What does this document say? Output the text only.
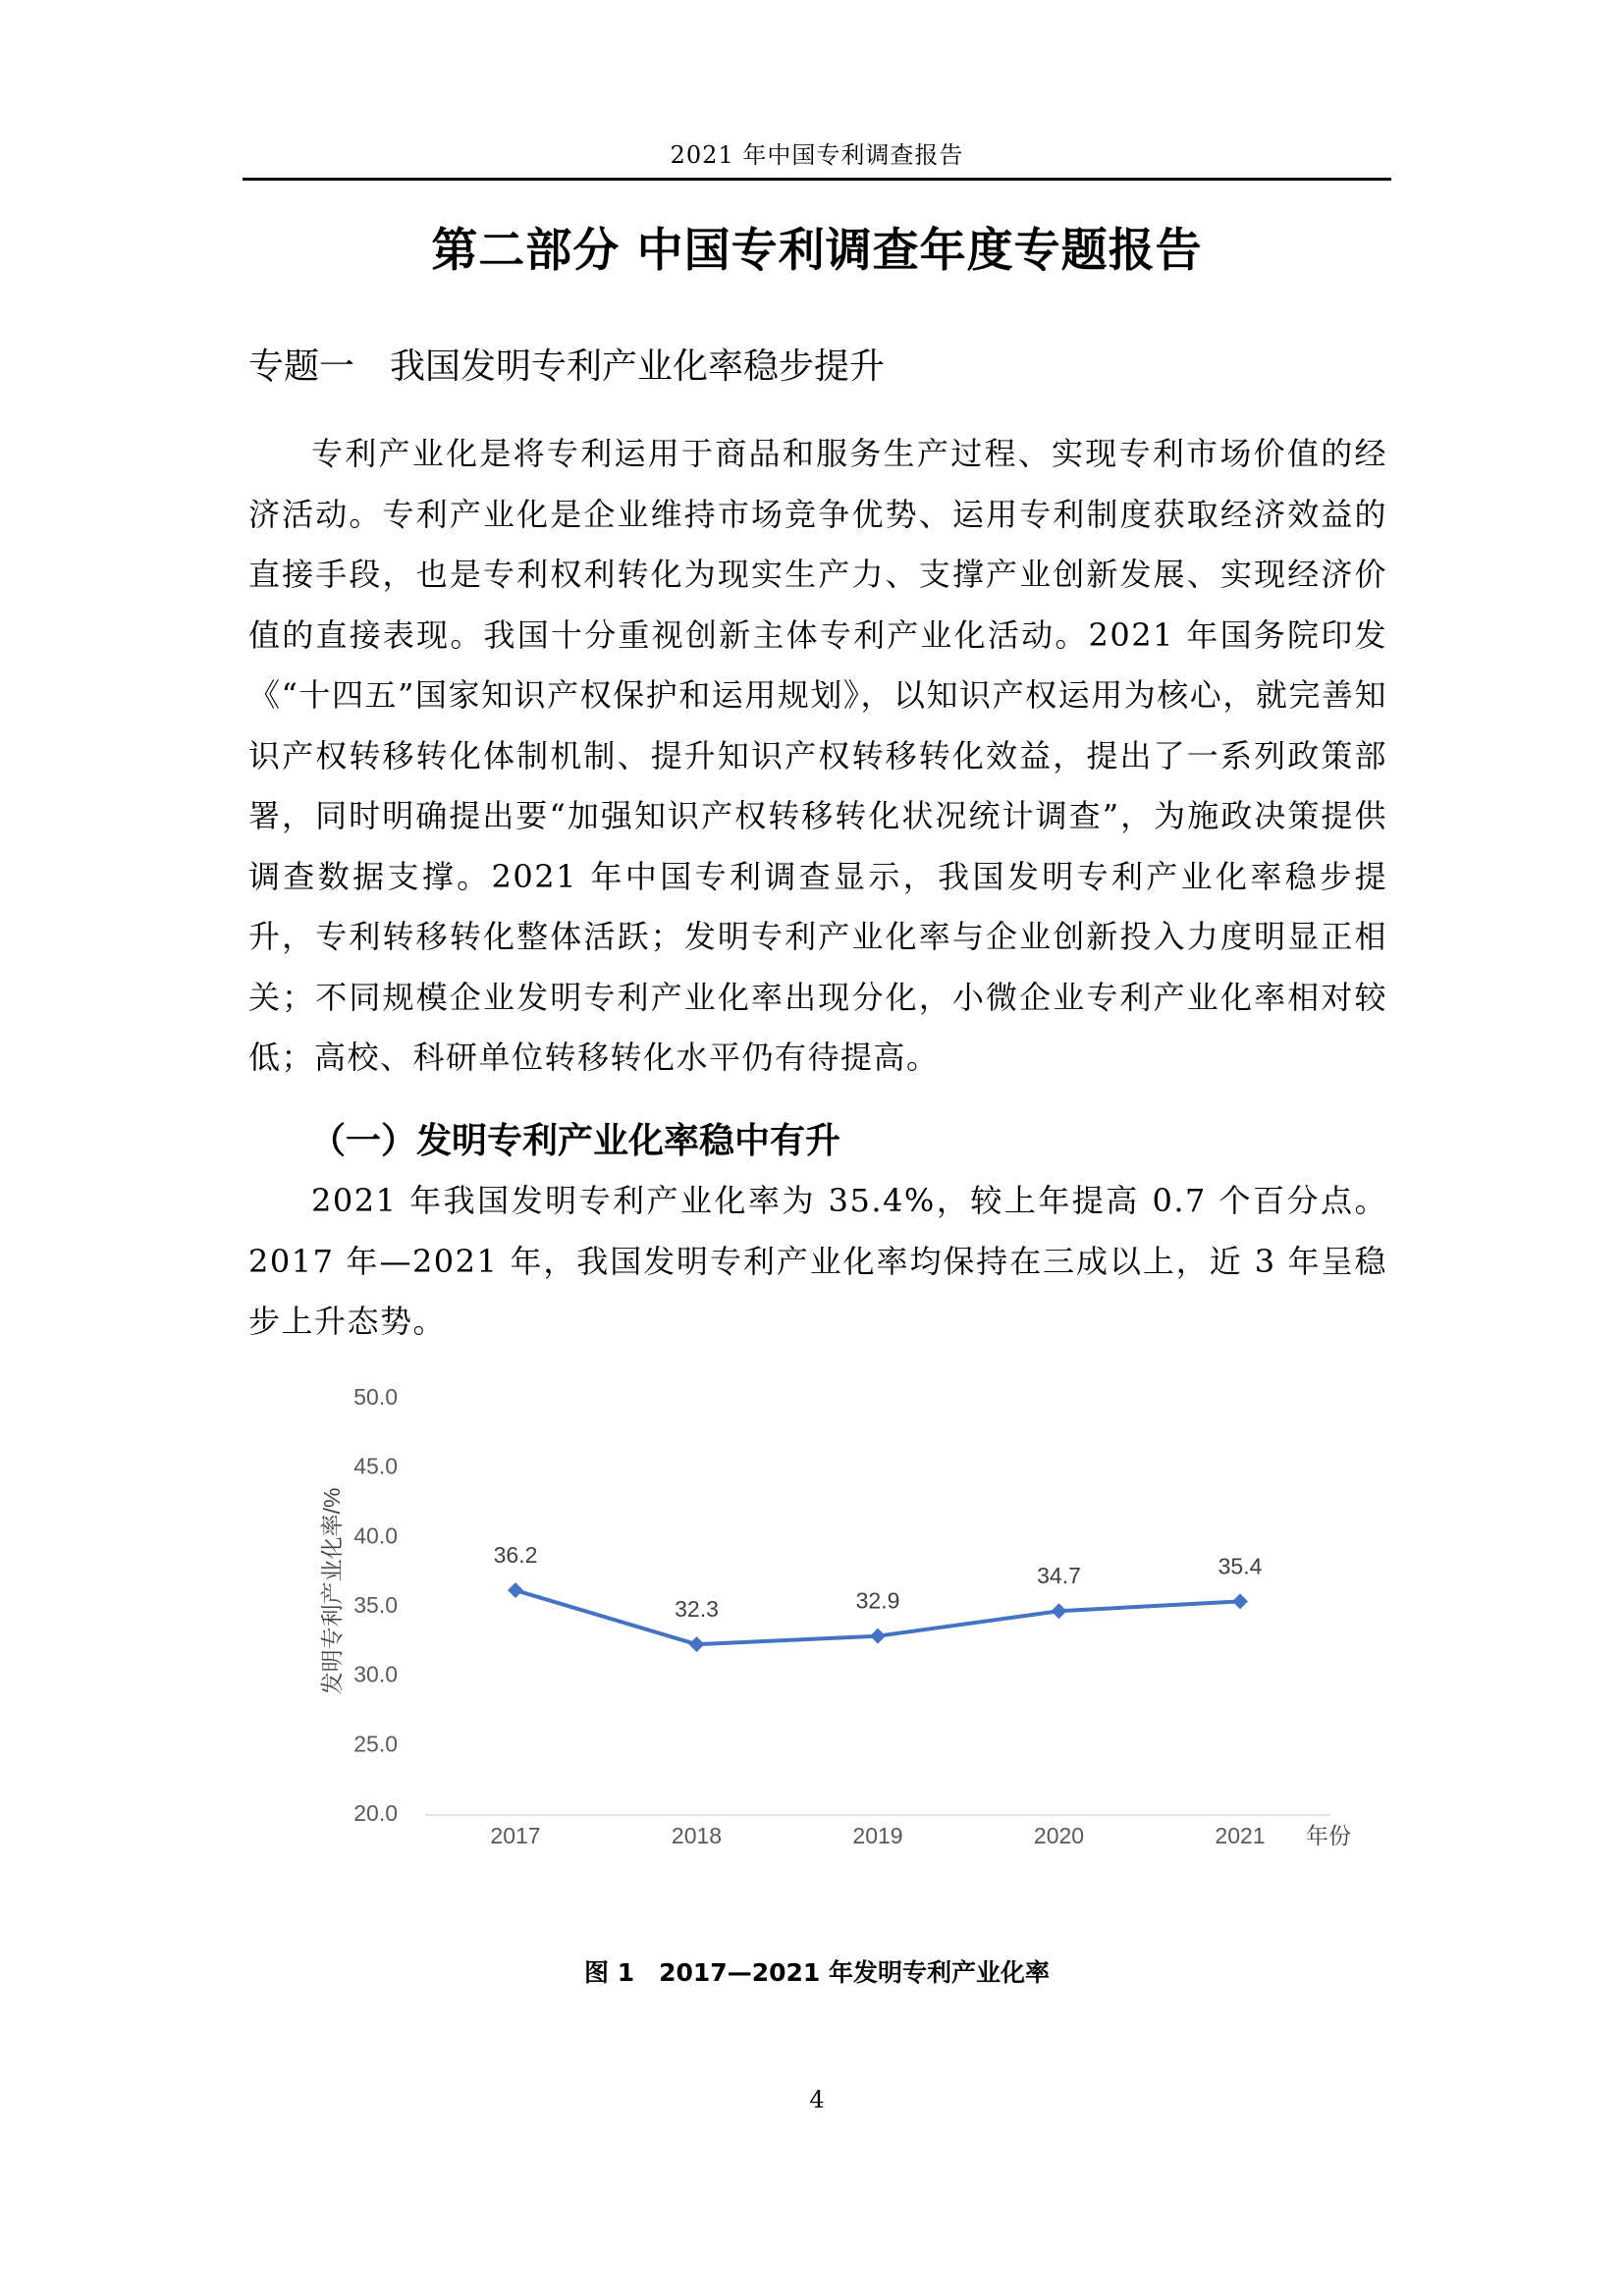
2021 年中国专利调查报告
第二部分 中国专利调查年度专题报告
专题一　我国发明专利产业化率稳步提升

专利产业化是将专利运用于商品和服务生产过程、实现专利市场价值的经济活动。专利产业化是企业维持市场竞争优势、运用专利制度获取经济效益的直接手段，也是专利权利转化为现实生产力、支撑产业创新发展、实现经济价值的直接表现。我国十分重视创新主体专利产业化活动。2021 年国务院印发《“十四五”国家知识产权保护和运用规划》，以知识产权运用为核心，就完善知识产权转移转化体制机制、提升知识产权转移转化效益，提出了一系列政策部署，同时明确提出要“加强知识产权转移转化状况统计调查”，为施政决策提供调查数据支撑。2021 年中国专利调查显示，我国发明专利产业化率稳步提升，专利转移转化整体活跃；发明专利产业化率与企业创新投入力度明显正相关；不同规模企业发明专利产业化率出现分化，小微企业专利产业化率相对较低；高校、科研单位转移转化水平仍有待提高。

（一）发明专利产业化率稳中有升

2021 年我国发明专利产业化率为 35.4%，较上年提高 0.7 个百分点。2017 年—2021 年，我国发明专利产业化率均保持在三成以上，近 3 年呈稳步上升态势。

20.0
25.0
30.0
35.0
40.0
45.0
50.0
2017	2018	2019	2020	2021
发明专利产业化率/%
年份
36.2
32.3	32.9
34.7	35.4
图 1　2017—2021 年发明专利产业化率
4
